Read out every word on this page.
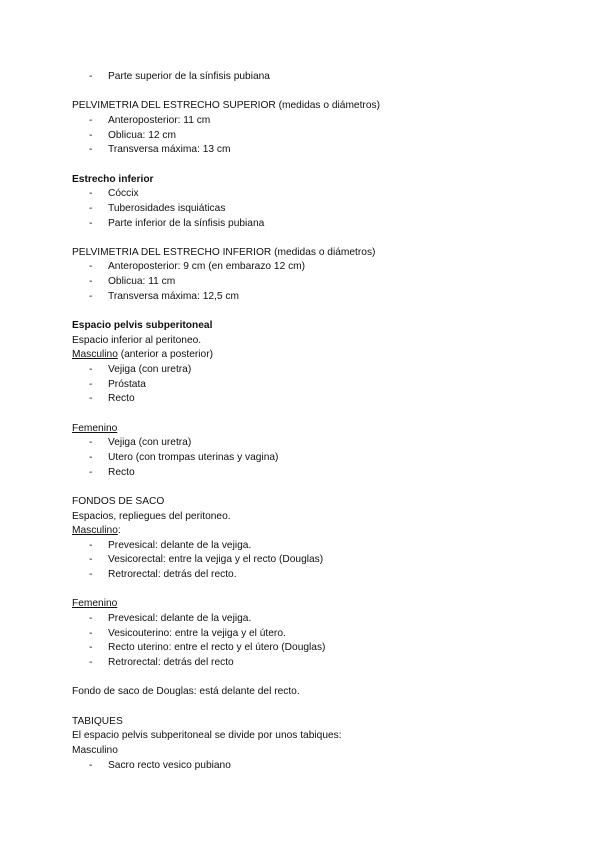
- Parte superior de la sínfisis pubiana
PELVIMETRIA DEL ESTRECHO SUPERIOR (medidas o diámetros)
- Anteroposterior: 11 cm
- Oblicua: 12 cm
- Transversa máxima: 13 cm
Estrecho inferior
- Cóccix
- Tuberosidades isquiáticas
- Parte inferior de la sínfisis pubiana
PELVIMETRIA DEL ESTRECHO INFERIOR (medidas o diámetros)
- Anteroposterior: 9 cm (en embarazo 12 cm)
- Oblicua: 11 cm
- Transversa máxima: 12,5 cm
Espacio pelvis subperitoneal
Espacio inferior al peritoneo.
Masculino (anterior a posterior)
- Vejiga (con uretra)
- Próstata
- Recto
Femenino
- Vejiga (con uretra)
- Utero (con trompas uterinas y vagina)
- Recto
FONDOS DE SACO
Espacios, repliegues del peritoneo.
Masculino:
- Prevesical: delante de la vejiga.
- Vesicorectal: entre la vejiga y el recto (Douglas)
- Retrorectal: detrás del recto.
Femenino
- Prevesical: delante de la vejiga.
- Vesicouterino: entre la vejiga y el útero.
- Recto uterino: entre el recto y el útero (Douglas)
- Retrorectal: detrás del recto
Fondo de saco de Douglas: está delante del recto.
TABIQUES
El espacio pelvis subperitoneal se divide por unos tabiques:
Masculino
- Sacro recto vesico pubiano
